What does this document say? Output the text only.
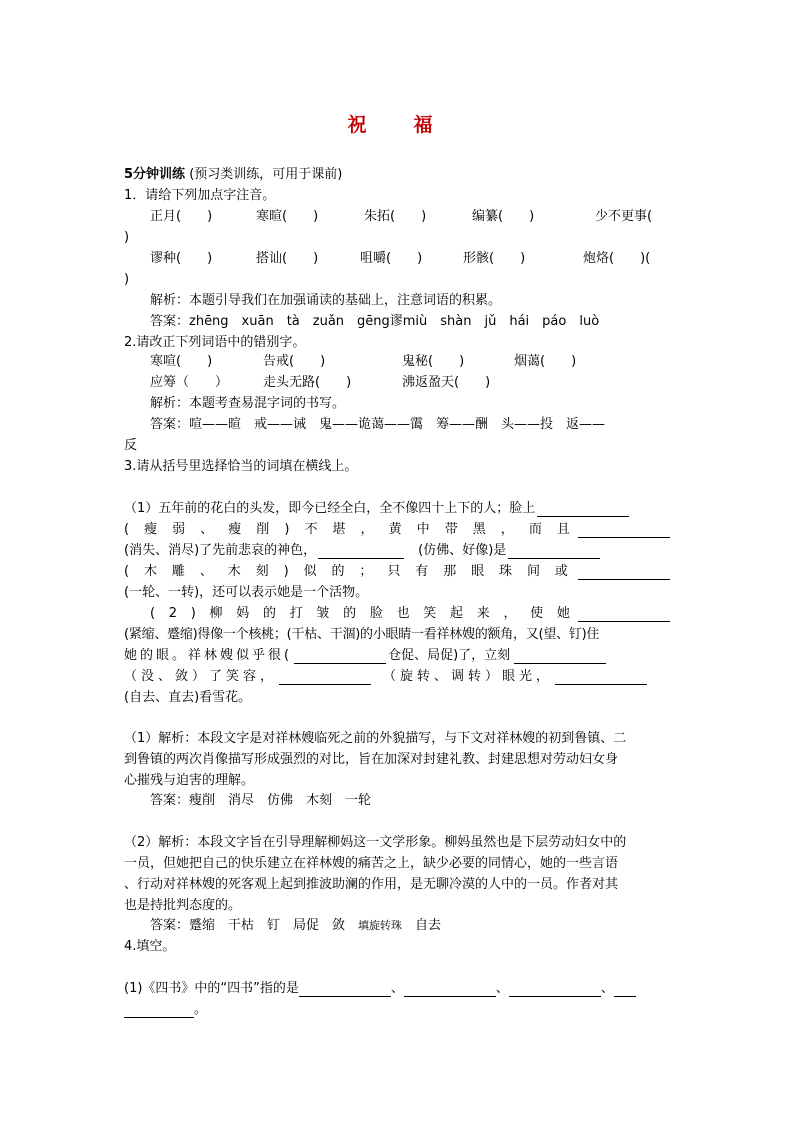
祝　福
5分钟训练 (预习类训练，可用于课前)
1．请给下列加点字注音。
正月(　　)	寒暄(　　)	朱拓(　　)	编纂(　　)	少不更事(
)
谬种(　　)	搭讪(　　)	咀嚼(　　)	形骸(　　)	炮烙(　　)(
)
解析：本题引导我们在加强诵读的基础上，注意词语的积累。
答案：zhēng　xuān　tà　zuǎn　gēng谬miù　shàn　jǔ　hái　páo　luò
2.请改正下列词语中的错别字。
寒喧(　　)	告戒(　　)	鬼秘(　　)	烟蔼(　　)
应筹（　　）	走头无路(　　)	沸返盈天(　　)
解析：本题考查易混字词的书写。
答案：喧——暄　戒——诫　鬼——诡蔼——霭　筹——酬　头——投　返——
反
3.请从括号里选择恰当的词填在横线上。
（1）五年前的花白的头发，即今已经全白，全不像四十上下的人；脸上
( 瘦 弱 、 瘦 削 ) 不 堪 ， 黄 中 带 黑 ， 而 且
(消失、消尽)了先前悲哀的神色，	(仿佛、好像)是
( 木 雕 、 木 刻 ) 似 的 ； 只 有 那 眼 珠 间 或
(一轮、一转)，还可以表示她是一个活物。
( 2 ) 柳 妈 的 打 皱 的 脸 也 笑 起 来 ， 使 她
(紧缩、蹙缩)得像一个核桃；(干枯、干涸)的小眼睛一看祥林嫂的额角，又(望、钉)住
她的眼。祥林嫂似乎很(	仓促、局促)了，立刻
（没、敛）了笑容，	（旋转、调转）眼光，
(自去、直去)看雪花。
（1）解析：本段文字是对祥林嫂临死之前的外貌描写，与下文对祥林嫂的初到鲁镇、二
到鲁镇的两次肖像描写形成强烈的对比，旨在加深对封建礼教、封建思想对劳动妇女身
心摧残与迫害的理解。
答案：瘦削　消尽　仿佛　木刻　一轮
（2）解析：本段文字旨在引导理解柳妈这一文学形象。柳妈虽然也是下层劳动妇女中的
一员，但她把自己的快乐建立在祥林嫂的痛苦之上，缺少必要的同情心，她的一些言语
、行动对祥林嫂的死客观上起到推波助澜的作用，是无聊冷漠的人中的一员。作者对其
也是持批判态度的。
答案：蹙缩　干枯　钉　局促　敛　填旋转珠　自去
4.填空。
(1)《四书》中的“四书”指的是	、	、	、
。
